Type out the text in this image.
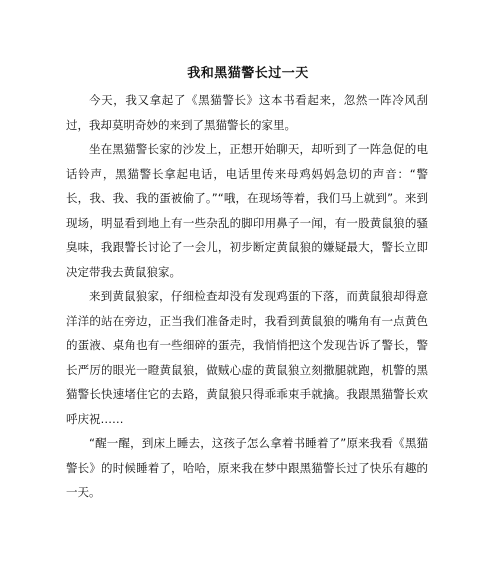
我和黑猫警长过一天

今天，我又拿起了《黑猫警长》这本书看起来，忽然一阵冷风刮过，我却莫明奇妙的来到了黑猫警长的家里。

坐在黑猫警长家的沙发上，正想开始聊天，却听到了一阵急促的电话铃声，黑猫警长拿起电话，电话里传来母鸡妈妈急切的声音：“警长，我、我、我的蛋被偷了。”“哦，在现场等着，我们马上就到”。来到现场，明显看到地上有一些杂乱的脚印用鼻子一闻，有一股黄鼠狼的骚臭味，我跟警长讨论了一会儿，初步断定黄鼠狼的嫌疑最大，警长立即决定带我去黄鼠狼家。

来到黄鼠狼家，仔细检查却没有发现鸡蛋的下落，而黄鼠狼却得意洋洋的站在旁边，正当我们准备走时，我看到黄鼠狼的嘴角有一点黄色的蛋液、桌角也有一些细碎的蛋壳，我悄悄把这个发现告诉了警长，警长严厉的眼光一瞪黄鼠狼，做贼心虚的黄鼠狼立刻撒腿就跑，机警的黑猫警长快速堵住它的去路，黄鼠狼只得乖乖束手就擒。我跟黑猫警长欢呼庆祝……

“醒一醒，到床上睡去，这孩子怎么拿着书睡着了”原来我看《黑猫警长》的时候睡着了，哈哈，原来我在梦中跟黑猫警长过了快乐有趣的一天。
